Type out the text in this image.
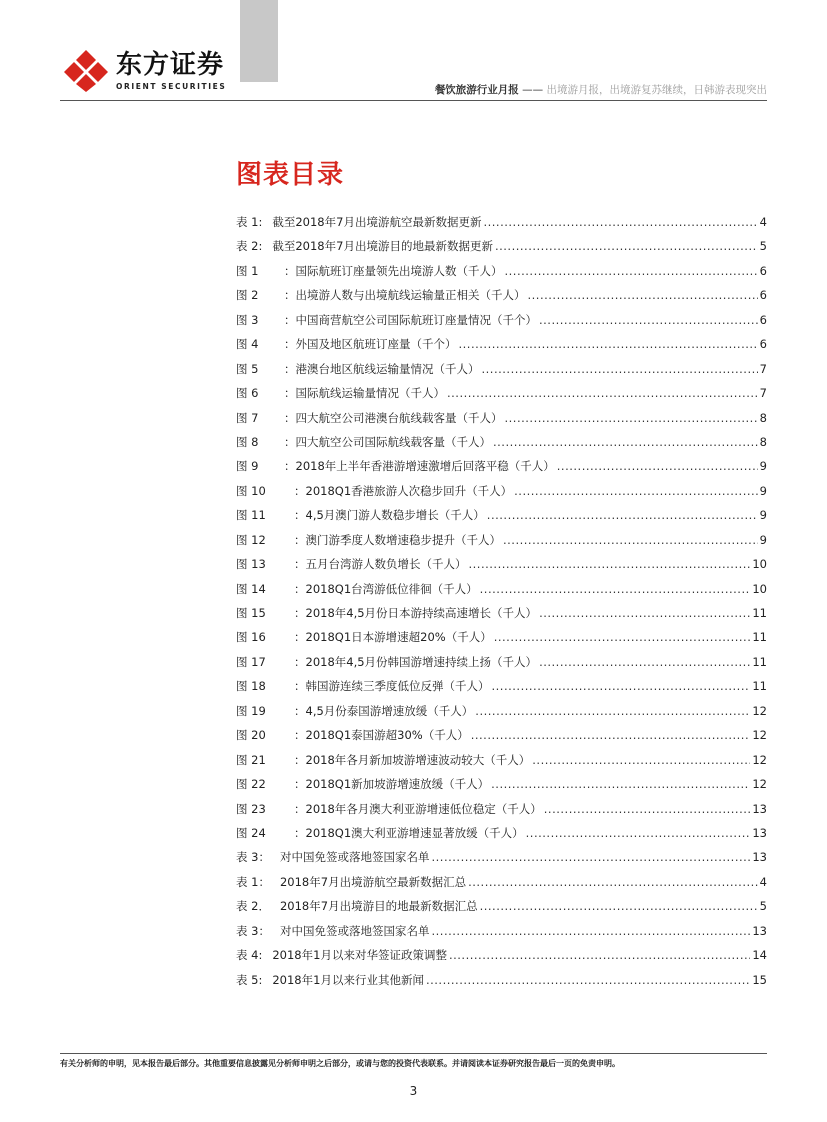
东方证券
ORIENT SECURITIES	餐饮旅游行业月报 —— 出境游月报，出境游复苏继续，日韩游表现突出
图表目录
表 1: 截至2018年7月出境游航空最新数据更新 .....	4
表 2: 截至2018年7月出境游目的地最新数据更新 .....	5
图 1	：国际航班订座量领先出境游人数（千人） .....	6
图 2	：出境游人数与出境航线运输量正相关（千人） .....	6
图 3	：中国商营航空公司国际航班订座量情况（千个） .....	6
图 4	：外国及地区航班订座量（千个） .....	6
图 5	：港澳台地区航线运输量情况（千人） .....	7
图 6	：国际航线运输量情况（千人） .....	7
图 7	：四大航空公司港澳台航线载客量（千人） .....	8
图 8	：四大航空公司国际航线载客量（千人） .....	8
图 9	：2018年上半年香港游增速激增后回落平稳（千人） .....	9
图 10	：2018Q1香港旅游人次稳步回升（千人） .....	9
图 11	：4,5月澳门游人数稳步增长（千人） .....	9
图 12	：澳门游季度人数增速稳步提升（千人） .....	9
图 13	：五月台湾游人数负增长（千人） .....	10
图 14	：2018Q1台湾游低位徘徊（千人） .....	10
图 15	：2018年4,5月份日本游持续高速增长（千人） .....	11
图 16	：2018Q1日本游增速超20%（千人） .....	11
图 17	：2018年4,5月份韩国游增速持续上扬（千人） .....	11
图 18	：韩国游连续三季度低位反弹（千人） .....	11
图 19	：4,5月份泰国游增速放缓（千人） .....	12
图 20	：2018Q1泰国游超30%（千人） .....	12
图 21	：2018年各月新加坡游增速波动较大（千人） .....	12
图 22	：2018Q1新加坡游增速放缓（千人） .....	12
图 23	：2018年各月澳大利亚游增速低位稳定（千人） .....	13
图 24	：2018Q1澳大利亚游增速显著放缓（千人） .....	13
表 3： 对中国免签或落地签国家名单 .....	13
表 1： 2018年7月出境游航空最新数据汇总 .....	4
表 2． 2018年7月出境游目的地最新数据汇总 .....	5
表 3： 对中国免签或落地签国家名单 .....	13
表 4: 2018年1月以来对华签证政策调整 .....	14
表 5: 2018年1月以来行业其他新闻 .....	15
有关分析师的申明，见本报告最后部分。其他重要信息披露见分析师申明之后部分，或请与您的投资代表联系。并请阅读本证券研究报告最后一页的免责申明。
3
